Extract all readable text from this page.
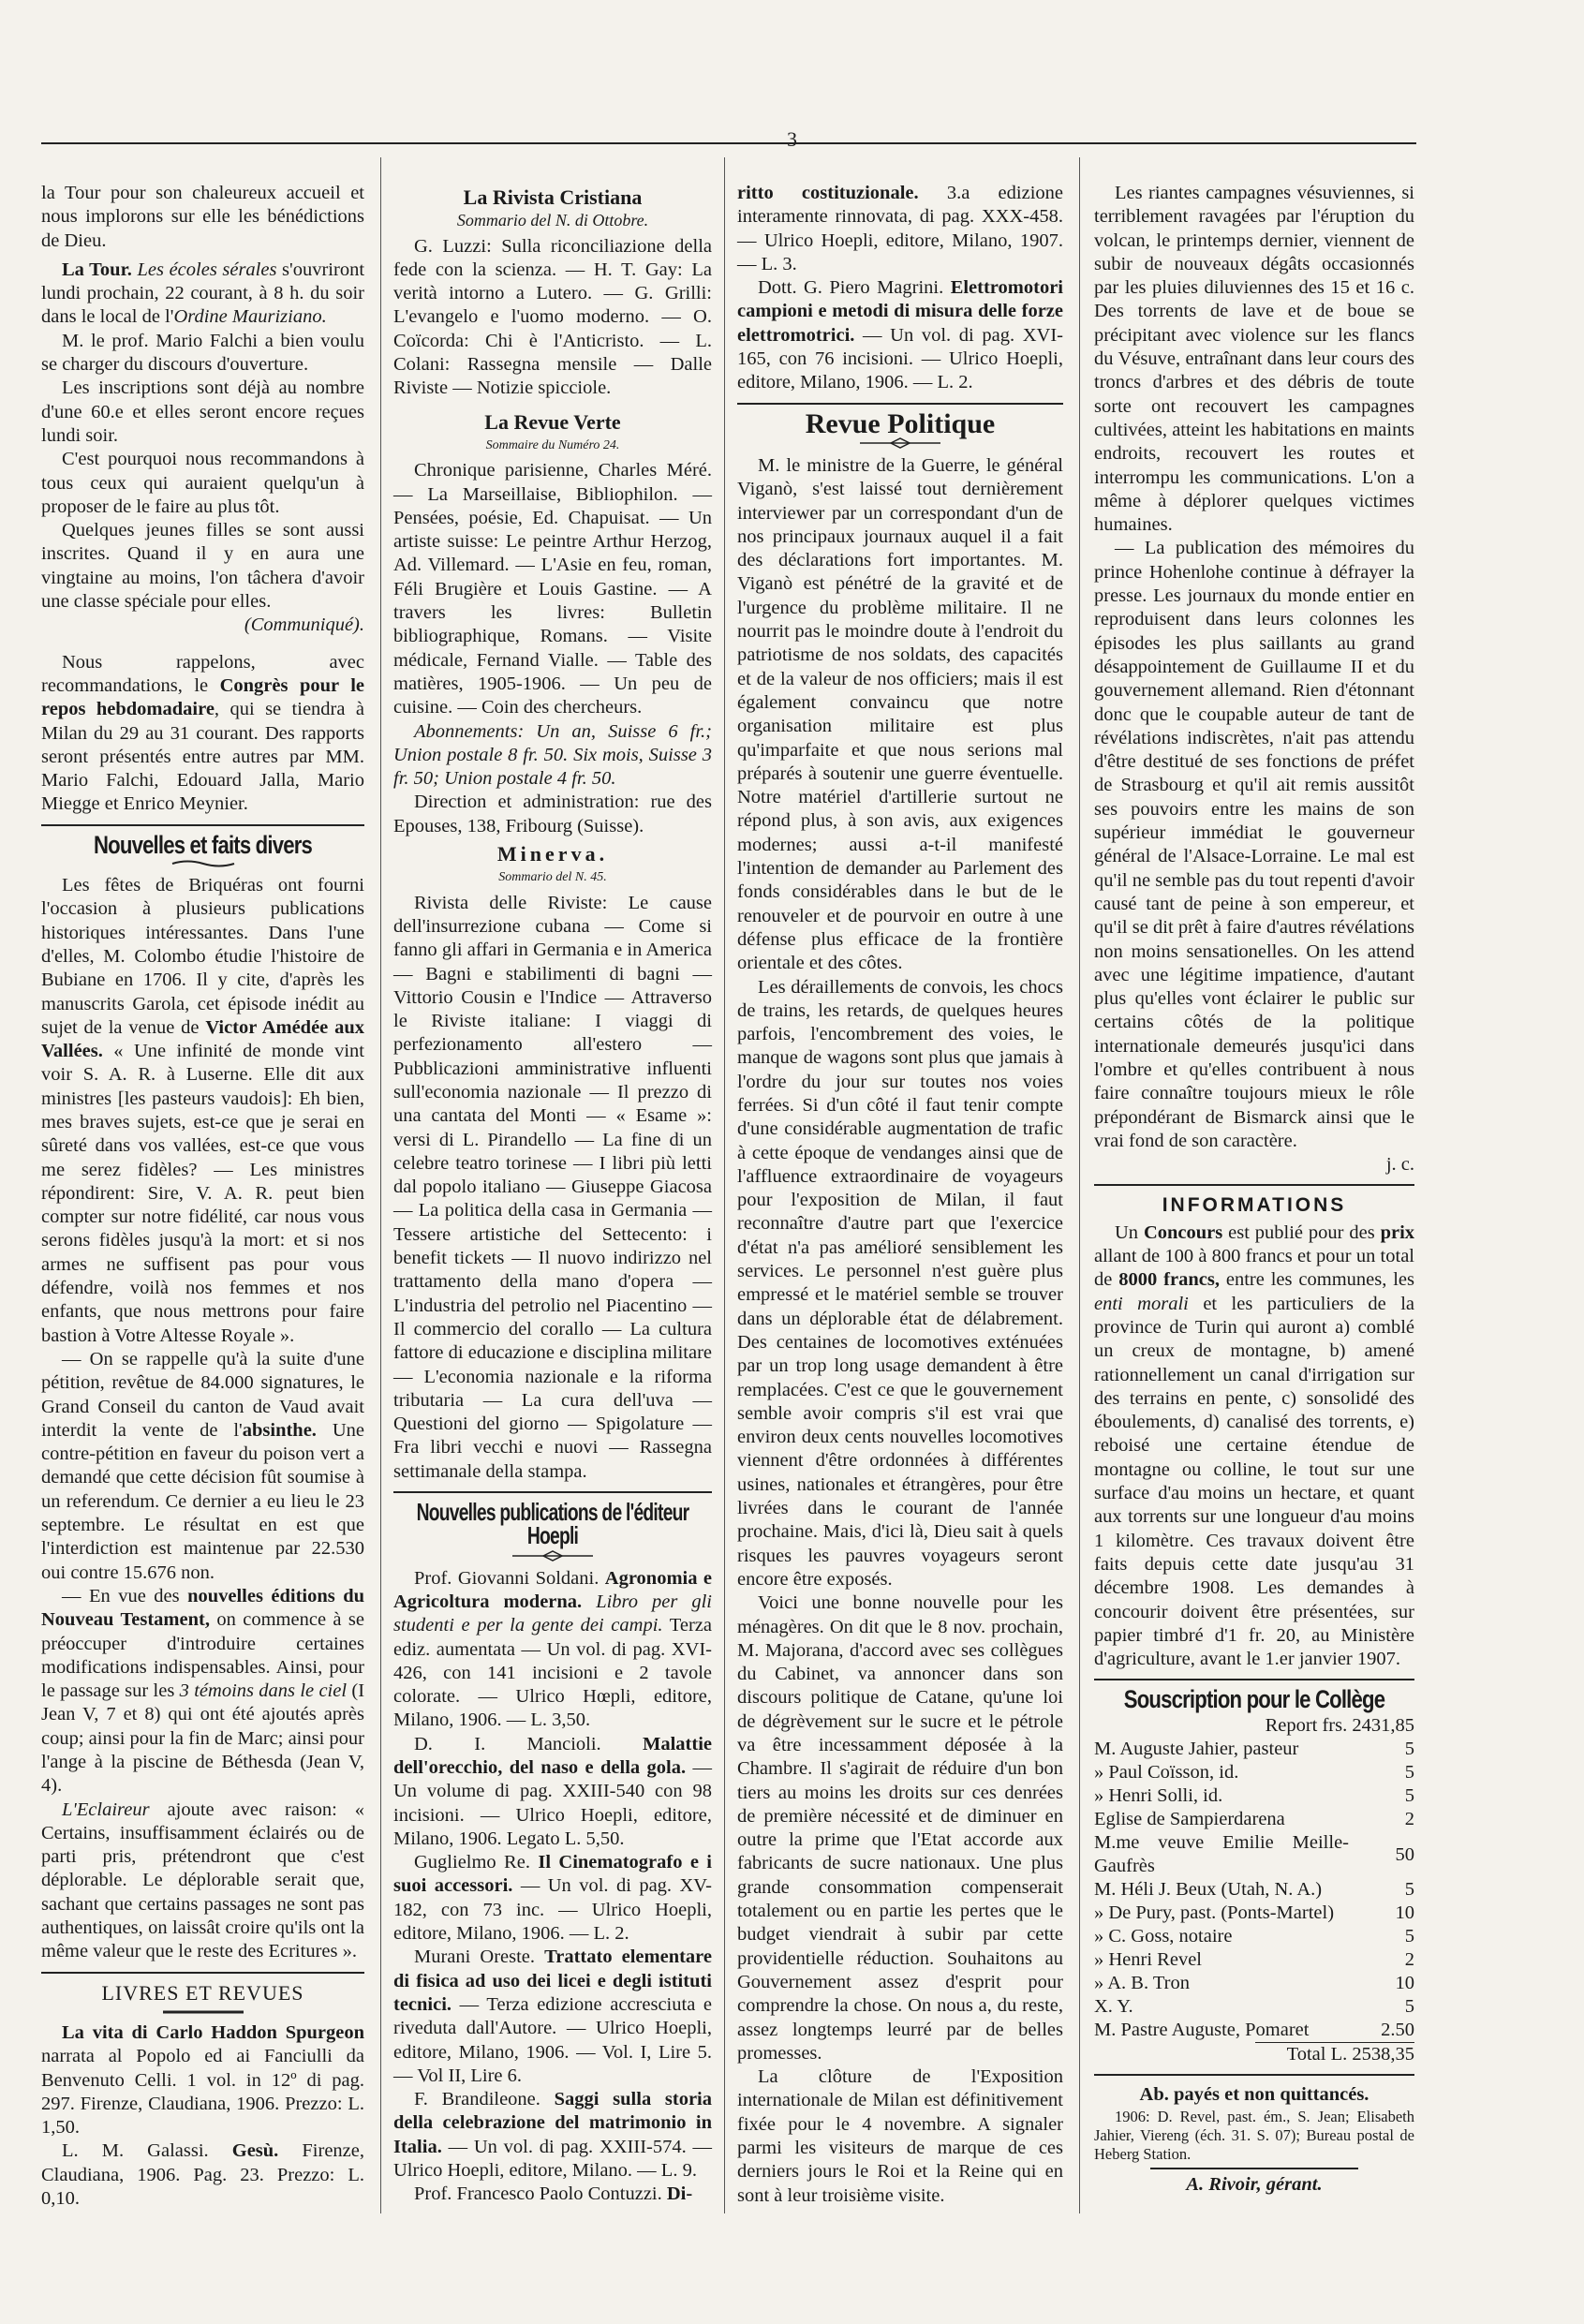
3

la Tour pour son chaleureux accueil et nous implorons sur elle les bénédictions de Dieu.

La Tour. Les écoles sérales s'ouvriront lundi prochain, 22 courant, à 8 h. du soir dans le local de l'Ordine Mauriziano.

M. le prof. Mario Falchi a bien voulu se charger du discours d'ouverture.

Les inscriptions sont déjà au nombre d'une 60.e et elles seront encore reçues lundi soir.

C'est pourquoi nous recommandons à tous ceux qui auraient quelqu'un à proposer de le faire au plus tôt.

Quelques jeunes filles se sont aussi inscrites. Quand il y en aura une vingtaine au moins, l'on tâchera d'avoir une classe spéciale pour elles.

(Communiqué).

Nous rappelons, avec recommandations, le Congrès pour le repos hebdomadaire, qui se tiendra à Milan du 29 au 31 courant. Des rapports seront présentés entre autres par MM. Mario Falchi, Edouard Jalla, Mario Miegge et Enrico Meynier.

Nouvelles et faits divers

Les fêtes de Briquéras ont fourni l'occasion à plusieurs publications historiques intéressantes. Dans l'une d'elles, M. Colombo étudie l'histoire de Bubiane en 1706. Il y cite, d'après les manuscrits Garola, cet épisode inédit au sujet de la venue de Victor Amédée aux Vallées. « Une infinité de monde vint voir S. A. R. à Luserne. Elle dit aux ministres [les pasteurs vaudois]: Eh bien, mes braves sujets, est-ce que je serai en sûreté dans vos vallées, est-ce que vous me serez fidèles? — Les ministres répondirent: Sire, V. A. R. peut bien compter sur notre fidélité, car nous vous serons fidèles jusqu'à la mort: et si nos armes ne suffisent pas pour vous défendre, voilà nos femmes et nos enfants, que nous mettrons pour faire bastion à Votre Altesse Royale ».

— On se rappelle qu'à la suite d'une pétition, revêtue de 84.000 signatures, le Grand Conseil du canton de Vaud avait interdit la vente de l'absinthe. Une contre-pétition en faveur du poison vert a demandé que cette décision fût soumise à un referendum. Ce dernier a eu lieu le 23 septembre. Le résultat en est que l'interdiction est maintenue par 22.530 oui contre 15.676 non.

— En vue des nouvelles éditions du Nouveau Testament, on commence à se préoccuper d'introduire certaines modifications indispensables. Ainsi, pour le passage sur les 3 témoins dans le ciel (I Jean V, 7 et 8) qui ont été ajoutés après coup; ainsi pour la fin de Marc; ainsi pour l'ange à la piscine de Béthesda (Jean V, 4).

L'Eclaireur ajoute avec raison: « Certains, insuffisamment éclairés ou de parti pris, prétendront que c'est déplorable. Le déplorable serait que, sachant que certains passages ne sont pas authentiques, on laissât croire qu'ils ont la même valeur que le reste des Ecritures ».

LIVRES ET REVUES

La vita di Carlo Haddon Spurgeon narrata al Popolo ed ai Fanciulli da Benvenuto Celli. 1 vol. in 12º di pag. 297. Firenze, Claudiana, 1906. Prezzo: L. 1,50.

L. M. Galassi. Gesù. Firenze, Claudiana, 1906. Pag. 23. Prezzo: L. 0,10.

La Rivista Cristiana
Sommario del N. di Ottobre.

G. Luzzi: Sulla riconciliazione della fede con la scienza. — H. T. Gay: La verità intorno a Lutero. — G. Grilli: L'evangelo e l'uomo moderno. — O. Coïcorda: Chi è l'Anticristo. — L. Colani: Rassegna mensile — Dalle Riviste — Notizie spicciole.

La Revue Verte
Sommaire du Numéro 24.

Chronique parisienne, Charles Méré. — La Marseillaise, Bibliophilon. — Pensées, poésie, Ed. Chapuisat. — Un artiste suisse: Le peintre Arthur Herzog, Ad. Villemard. — L'Asie en feu, roman, Féli Brugière et Louis Gastine. — A travers les livres: Bulletin bibliographique, Romans. — Visite médicale, Fernand Vialle. — Table des matières, 1905-1906. — Un peu de cuisine. — Coin des chercheurs.

Abonnements: Un an, Suisse 6 fr.; Union postale 8 fr. 50. Six mois, Suisse 3 fr. 50; Union postale 4 fr. 50.

Direction et administration: rue des Epouses, 138, Fribourg (Suisse).

Minerva.
Sommario del N. 45.

Rivista delle Riviste: Le cause dell'insurrezione cubana — Come si fanno gli affari in Germania e in America — Bagni e stabilimenti di bagni — Vittorio Cousin e l'Indice — Attraverso le Riviste italiane: I viaggi di perfezionamento all'estero — Pubblicazioni amministrative influenti sull'economia nazionale — Il prezzo di una cantata del Monti — « Esame »: versi di L. Pirandello — La fine di un celebre teatro torinese — I libri più letti dal popolo italiano — Giuseppe Giacosa — La politica della casa in Germania — Tessere artistiche del Settecento: i benefit tickets — Il nuovo indirizzo nel trattamento della mano d'opera — L'industria del petrolio nel Piacentino — Il commercio del corallo — La cultura fattore di educazione e disciplina militare — L'economia nazionale e la riforma tributaria — La cura dell'uva — Questioni del giorno — Spigolature — Fra libri vecchi e nuovi — Rassegna settimanale della stampa.

Nouvelles publications de l'éditeur Hoepli

Prof. Giovanni Soldani. Agronomia e Agricoltura moderna. Libro per gli studenti e per la gente dei campi. Terza ediz. aumentata — Un vol. di pag. XVI-426, con 141 incisioni e 2 tavole colorate. — Ulrico Hœpli, editore, Milano, 1906. — L. 3,50.

D. I. Mancioli. Malattie dell'orecchio, del naso e della gola. — Un volume di pag. XXIII-540 con 98 incisioni. — Ulrico Hoepli, editore, Milano, 1906. Legato L. 5,50.

Guglielmo Re. Il Cinematografo e i suoi accessori. — Un vol. di pag. XV-182, con 73 inc. — Ulrico Hoepli, editore, Milano, 1906. — L. 2.

Murani Oreste. Trattato elementare di fisica ad uso dei licei e degli istituti tecnici. — Terza edizione accresciuta e riveduta dall'Autore. — Ulrico Hoepli, editore, Milano, 1906. — Vol. I, Lire 5. — Vol II, Lire 6.

F. Brandileone. Saggi sulla storia della celebrazione del matrimonio in Italia. — Un vol. di pag. XXIII-574. — Ulrico Hoepli, editore, Milano. — L. 9.

Prof. Francesco Paolo Contuzzi. Di-

ritto costituzionale. 3.a edizione interamente rinnovata, di pag. XXX-458. — Ulrico Hoepli, editore, Milano, 1907. — L. 3.

Dott. G. Piero Magrini. Elettromotori campioni e metodi di misura delle forze elettromotrici. — Un vol. di pag. XVI-165, con 76 incisioni. — Ulrico Hoepli, editore, Milano, 1906. — L. 2.

Revue Politique

M. le ministre de la Guerre, le général Viganò, s'est laissé tout dernièrement interviewer par un correspondant d'un de nos principaux journaux auquel il a fait des déclarations fort importantes. M. Viganò est pénétré de la gravité et de l'urgence du problème militaire. Il ne nourrit pas le moindre doute à l'endroit du patriotisme de nos soldats, des capacités et de la valeur de nos officiers; mais il est également convaincu que notre organisation militaire est plus qu'imparfaite et que nous serions mal préparés à soutenir une guerre éventuelle. Notre matériel d'artillerie surtout ne répond plus, à son avis, aux exigences modernes; aussi a-t-il manifesté l'intention de demander au Parlement des fonds considérables dans le but de le renouveler et de pourvoir en outre à une défense plus efficace de la frontière orientale et des côtes.

Les déraillements de convois, les chocs de trains, les retards, de quelques heures parfois, l'encombrement des voies, le manque de wagons sont plus que jamais à l'ordre du jour sur toutes nos voies ferrées. Si d'un côté il faut tenir compte d'une considérable augmentation de trafic à cette époque de vendanges ainsi que de l'affluence extraordinaire de voyageurs pour l'exposition de Milan, il faut reconnaître d'autre part que l'exercice d'état n'a pas amélioré sensiblement les services. Le personnel n'est guère plus empressé et le matériel semble se trouver dans un déplorable état de délabrement. Des centaines de locomotives exténuées par un trop long usage demandent à être remplacées. C'est ce que le gouvernement semble avoir compris s'il est vrai que environ deux cents nouvelles locomotives viennent d'être ordonnées à différentes usines, nationales et étrangères, pour être livrées dans le courant de l'année prochaine. Mais, d'ici là, Dieu sait à quels risques les pauvres voyageurs seront encore être exposés.

Voici une bonne nouvelle pour les ménagères. On dit que le 8 nov. prochain, M. Majorana, d'accord avec ses collègues du Cabinet, va annoncer dans son discours politique de Catane, qu'une loi de dégrèvement sur le sucre et le pétrole va être incessamment déposée à la Chambre. Il s'agirait de réduire d'un bon tiers au moins les droits sur ces denrées de première nécessité et de diminuer en outre la prime que l'Etat accorde aux fabricants de sucre nationaux. Une plus grande consommation compenserait totalement ou en partie les pertes que le budget viendrait à subir par cette providentielle réduction. Souhaitons au Gouvernement assez d'esprit pour comprendre la chose. On nous a, du reste, assez longtemps leurré par de belles promesses.

La clôture de l'Exposition internationale de Milan est définitivement fixée pour le 4 novembre. A signaler parmi les visiteurs de marque de ces derniers jours le Roi et la Reine qui en sont à leur troisième visite.

Les riantes campagnes vésuviennes, si terriblement ravagées par l'éruption du volcan, le printemps dernier, viennent de subir de nouveaux dégâts occasionnés par les pluies diluviennes des 15 et 16 c. Des torrents de lave et de boue se précipitant avec violence sur les flancs du Vésuve, entraînant dans leur cours des troncs d'arbres et des débris de toute sorte ont recouvert les campagnes cultivées, atteint les habitations en maints endroits, recouvert les routes et interrompu les communications. L'on a même à déplorer quelques victimes humaines.

— La publication des mémoires du prince Hohenlohe continue à défrayer la presse. Les journaux du monde entier en reproduisent dans leurs colonnes les épisodes les plus saillants au grand désappointement de Guillaume II et du gouvernement allemand. Rien d'étonnant donc que le coupable auteur de tant de révélations indiscrètes, n'ait pas attendu d'être destitué de ses fonctions de préfet de Strasbourg et qu'il ait remis aussitôt ses pouvoirs entre les mains de son supérieur immédiat le gouverneur général de l'Alsace-Lorraine. Le mal est qu'il ne semble pas du tout repenti d'avoir causé tant de peine à son empereur, et qu'il se dit prêt à faire d'autres révélations non moins sensationelles. On les attend avec une légitime impatience, d'autant plus qu'elles vont éclairer le public sur certains côtés de la politique internationale demeurés jusqu'ici dans l'ombre et qu'elles contribuent à nous faire connaître toujours mieux le rôle prépondérant de Bismarck ainsi que le vrai fond de son caractère.

j. c.

INFORMATIONS

Un Concours est publié pour des prix allant de 100 à 800 francs et pour un total de 8000 francs, entre les communes, les enti morali et les particuliers de la province de Turin qui auront a) comblé un creux de montagne, b) amené rationnellement un canal d'irrigation sur des terrains en pente, c) sonsolidé des éboulements, d) canalisé des torrents, e) reboisé une certaine étendue de montagne ou colline, le tout sur une surface d'au moins un hectare, et quant aux torrents sur une longueur d'au moins 1 kilomètre. Ces travaux doivent être faits depuis cette date jusqu'au 31 décembre 1908. Les demandes à concourir doivent être présentées, sur papier timbré d'1 fr. 20, au Ministère d'agriculture, avant le 1.er janvier 1907.

Souscription pour le Collège

Report frs. 2431,85

M. Auguste Jahier, pasteur	5
» Paul Coïsson, id.	5
» Henri Solli, id.	5
Eglise de Sampierdarena	2
M.me veuve Emilie Meille-Gaufrès	50
M. Héli J. Beux (Utah, N. A.)	5
» De Pury, past. (Ponts-Martel)	10
» C. Goss, notaire	5
» Henri Revel	2
» A. B. Tron	10
X. Y.	5
M. Pastre Auguste, Pomaret	2.50

Total L. 2538,35

Ab. payés et non quittancés.

1906: D. Revel, past. ém., S. Jean; Elisabeth Jahier, Viereng (éch. 31. S. 07); Bureau postal de Heberg Station.

A. Rivoir, gérant.
